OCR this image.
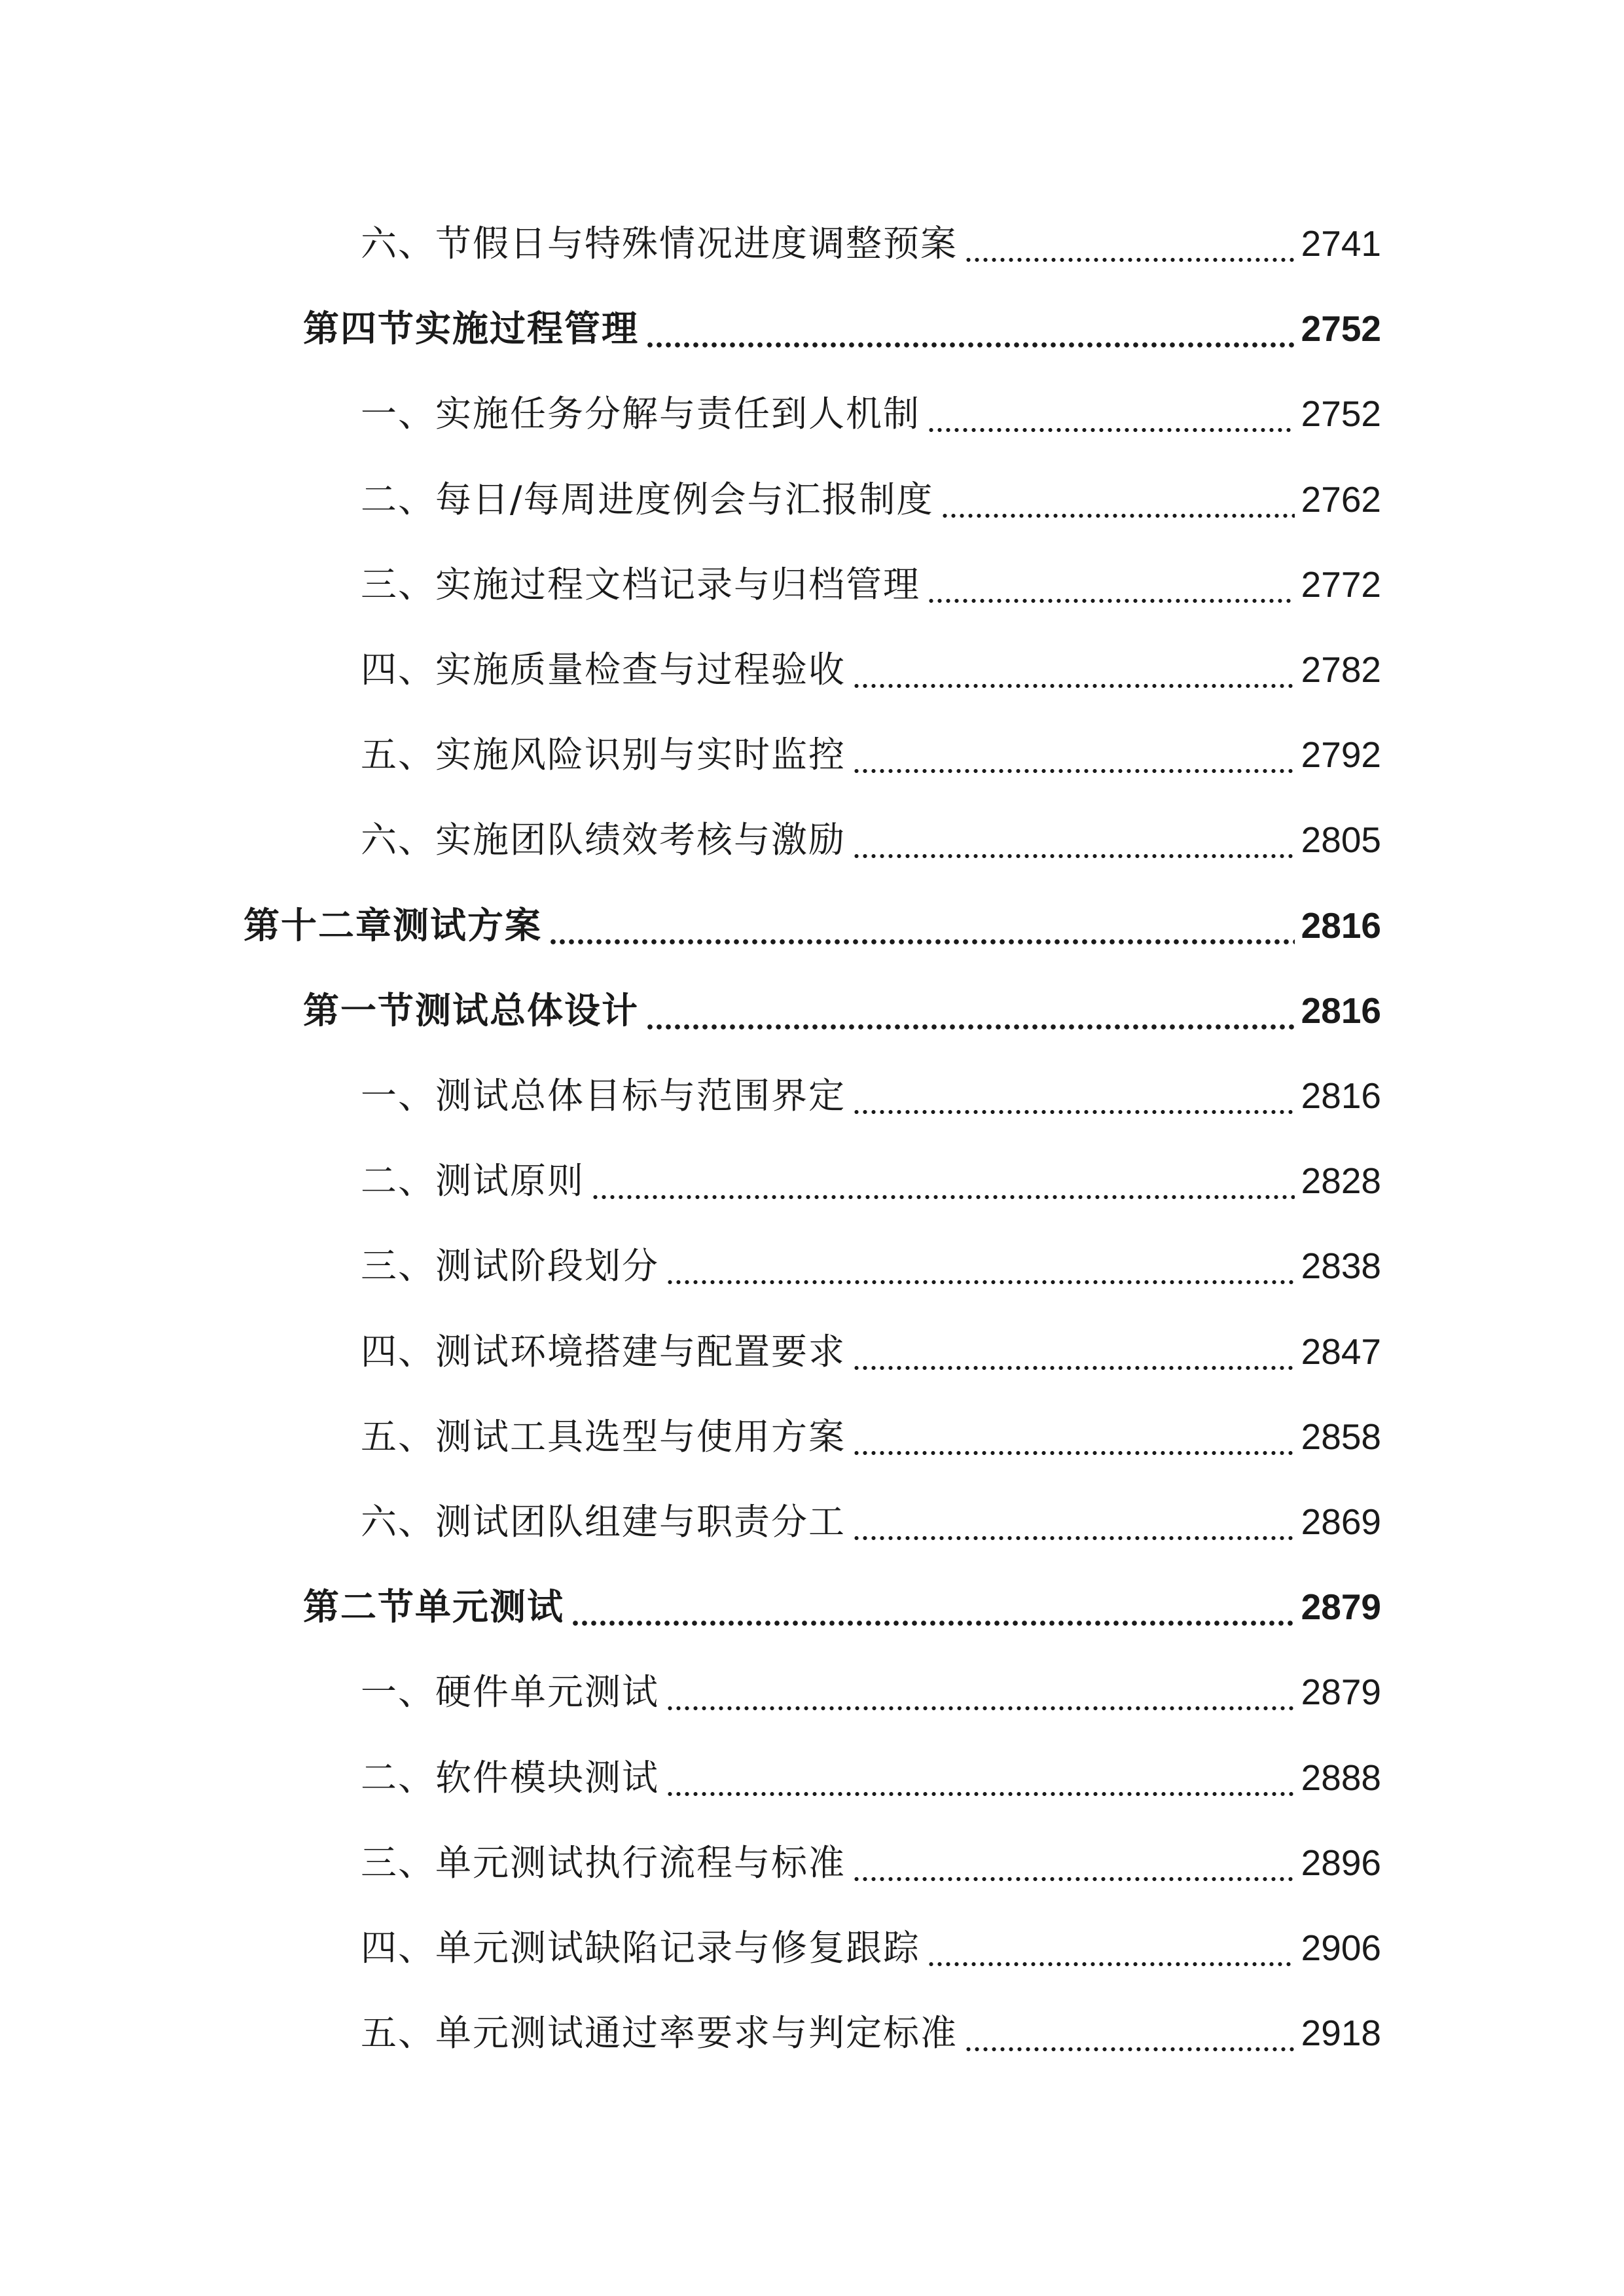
六、节假日与特殊情况进度调整预案	2741
第四节实施过程管理	2752
一、实施任务分解与责任到人机制	2752
二、每日/每周进度例会与汇报制度	2762
三、实施过程文档记录与归档管理	2772
四、实施质量检查与过程验收	2782
五、实施风险识别与实时监控	2792
六、实施团队绩效考核与激励	2805
第十二章测试方案	2816
第一节测试总体设计	2816
一、测试总体目标与范围界定	2816
二、测试原则	2828
三、测试阶段划分	2838
四、测试环境搭建与配置要求	2847
五、测试工具选型与使用方案	2858
六、测试团队组建与职责分工	2869
第二节单元测试	2879
一、硬件单元测试	2879
二、软件模块测试	2888
三、单元测试执行流程与标准	2896
四、单元测试缺陷记录与修复跟踪	2906
五、单元测试通过率要求与判定标准	2918
